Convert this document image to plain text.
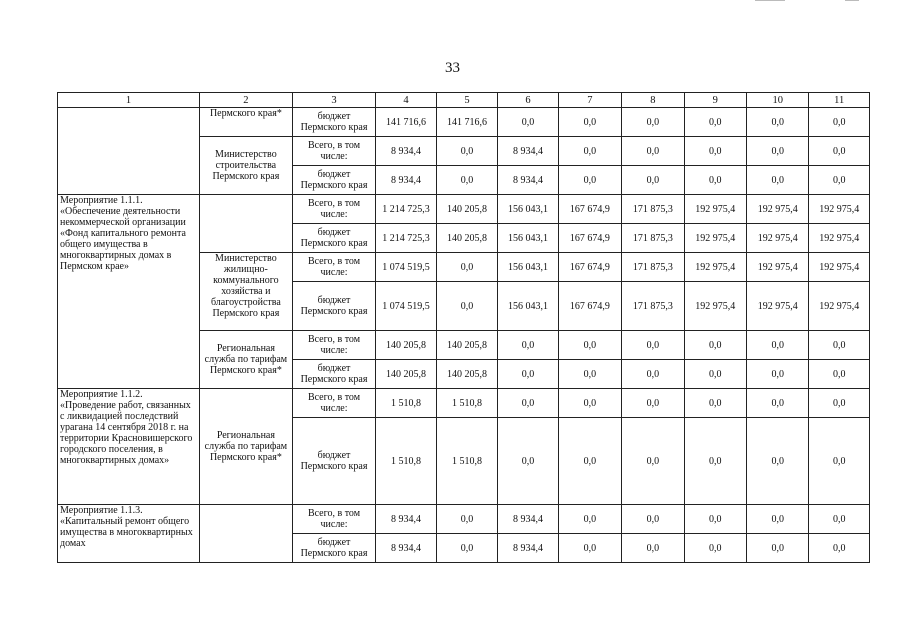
33
1	2	3	4	5	6	7	8	9	10	11
	Пермского края*	бюджет Пермского края	141 716,6	141 716,6	0,0	0,0	0,0	0,0	0,0	0,0
	Министерство строительства Пермского края	Всего, в том числе:	8 934,4	0,0	8 934,4	0,0	0,0	0,0	0,0	0,0
		бюджет Пермского края	8 934,4	0,0	8 934,4	0,0	0,0	0,0	0,0	0,0
Мероприятие 1.1.1. «Обеспечение деятельности некоммерческой организации «Фонд капитального ремонта общего имущества в многоквартирных домах в Пермском крае»		Всего, в том числе:	1 214 725,3	140 205,8	156 043,1	167 674,9	171 875,3	192 975,4	192 975,4	192 975,4
		бюджет Пермского края	1 214 725,3	140 205,8	156 043,1	167 674,9	171 875,3	192 975,4	192 975,4	192 975,4
	Министерство жилищно-коммунального хозяйства и благоустройства Пермского края	Всего, в том числе:	1 074 519,5	0,0	156 043,1	167 674,9	171 875,3	192 975,4	192 975,4	192 975,4
		бюджет Пермского края	1 074 519,5	0,0	156 043,1	167 674,9	171 875,3	192 975,4	192 975,4	192 975,4
	Региональная служба по тарифам Пермского края*	Всего, в том числе:	140 205,8	140 205,8	0,0	0,0	0,0	0,0	0,0	0,0
		бюджет Пермского края	140 205,8	140 205,8	0,0	0,0	0,0	0,0	0,0	0,0
Мероприятие 1.1.2. «Проведение работ, связанных с ликвидацией последствий урагана 14 сентября 2018 г. на территории Красновишерского городского поселения, в многоквартирных домах»	Региональная служба по тарифам Пермского края*	Всего, в том числе:	1 510,8	1 510,8	0,0	0,0	0,0	0,0	0,0	0,0
		бюджет Пермского края	1 510,8	1 510,8	0,0	0,0	0,0	0,0	0,0	0,0
Мероприятие 1.1.3. «Капитальный ремонт общего имущества в многоквартирных домах		Всего, в том числе:	8 934,4	0,0	8 934,4	0,0	0,0	0,0	0,0	0,0
		бюджет Пермского края	8 934,4	0,0	8 934,4	0,0	0,0	0,0	0,0	0,0
